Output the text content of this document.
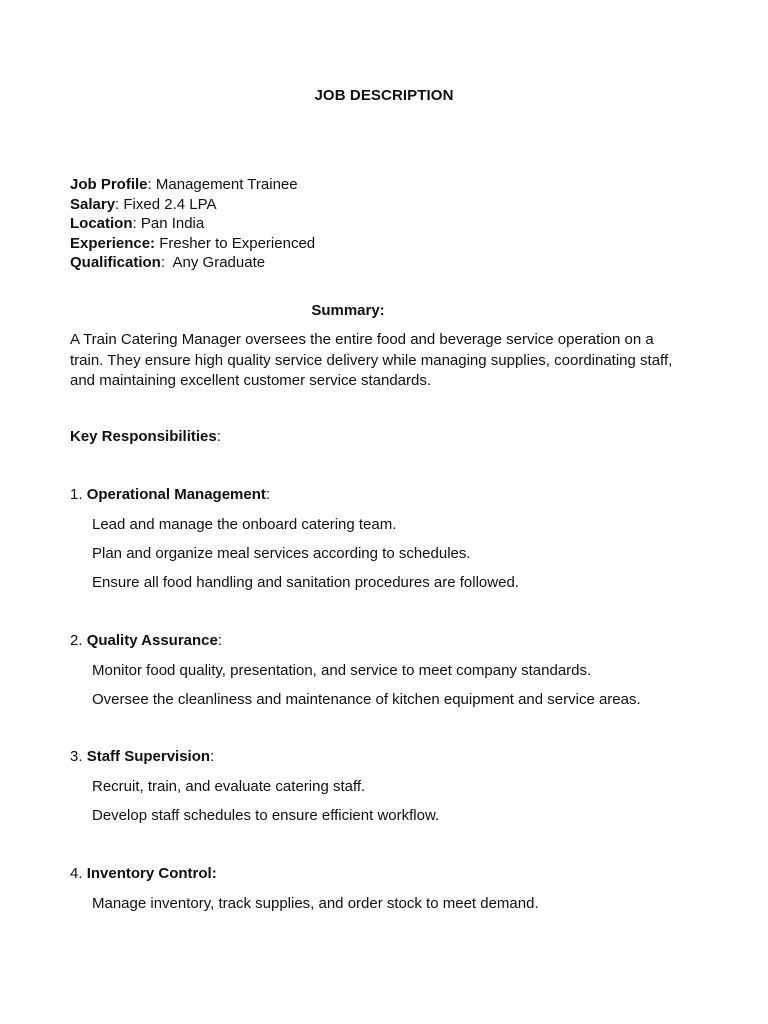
JOB DESCRIPTION
Job Profile: Management Trainee
Salary: Fixed 2.4 LPA
Location: Pan India
Experience: Fresher to Experienced
Qualification:  Any Graduate
Summary:
A Train Catering Manager oversees the entire food and beverage service operation on a train. They ensure high quality service delivery while managing supplies, coordinating staff, and maintaining excellent customer service standards.
Key Responsibilities:
1. Operational Management:
Lead and manage the onboard catering team.
Plan and organize meal services according to schedules.
Ensure all food handling and sanitation procedures are followed.
2. Quality Assurance:
Monitor food quality, presentation, and service to meet company standards.
Oversee the cleanliness and maintenance of kitchen equipment and service areas.
3. Staff Supervision:
Recruit, train, and evaluate catering staff.
Develop staff schedules to ensure efficient workflow.
4. Inventory Control:
Manage inventory, track supplies, and order stock to meet demand.
